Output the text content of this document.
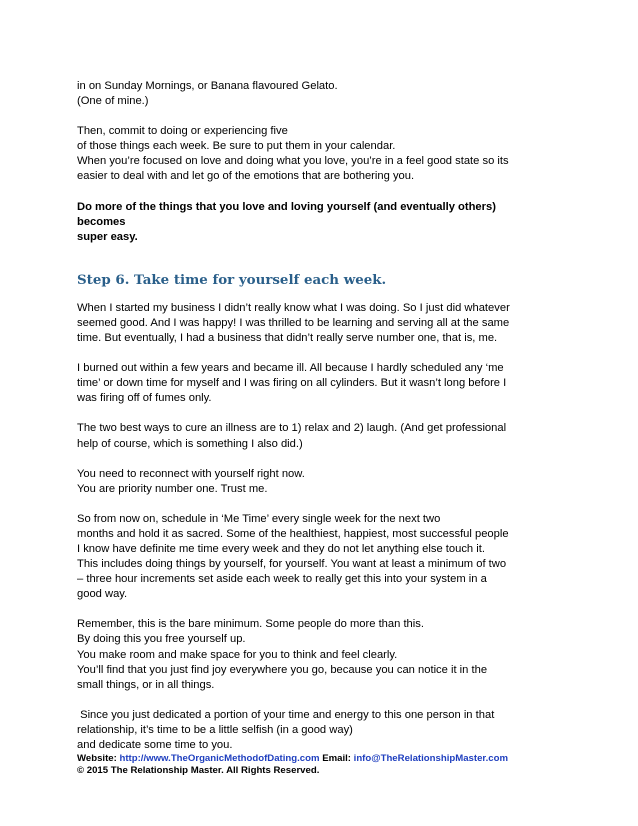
in on Sunday Mornings, or Banana flavoured Gelato.

(One of mine.)

Then, commit to doing or experiencing five

of those things each week. Be sure to put them in your calendar.

When you’re focused on love and doing what you love, you’re in a feel good state so its

easier to deal with and let go of the emotions that are bothering you.

Do more of the things that you love and loving yourself (and eventually others)

becomes

super easy.

Step 6. Take time for yourself each week.

When I started my business I didn’t really know what I was doing. So I just did whatever

seemed good. And I was happy! I was thrilled to be learning and serving all at the same

time. But eventually, I had a business that didn’t really serve number one, that is, me.

I burned out within a few years and became ill. All because I hardly scheduled any ‘me

time’ or down time for myself and I was firing on all cylinders. But it wasn’t long before I

was firing off of fumes only.

The two best ways to cure an illness are to 1) relax and 2) laugh. (And get professional

help of course, which is something I also did.)

You need to reconnect with yourself right now.

You are priority number one. Trust me.

So from now on, schedule in ‘Me Time’ every single week for the next two

months and hold it as sacred. Some of the healthiest, happiest, most successful people

I know have definite me time every week and they do not let anything else touch it.

This includes doing things by yourself, for yourself. You want at least a minimum of two

– three hour increments set aside each week to really get this into your system in a

good way.

Remember, this is the bare minimum. Some people do more than this.

By doing this you free yourself up.

You make room and make space for you to think and feel clearly.

You’ll find that you just find joy everywhere you go, because you can notice it in the

small things, or in all things.

Since you just dedicated a portion of your time and energy to this one person in that

relationship, it’s time to be a little selfish (in a good way)

and dedicate some time to you.

Website: http://www.TheOrganicMethodofDating.com Email: info@TheRelationshipMaster.com
© 2015 The Relationship Master. All Rights Reserved.
